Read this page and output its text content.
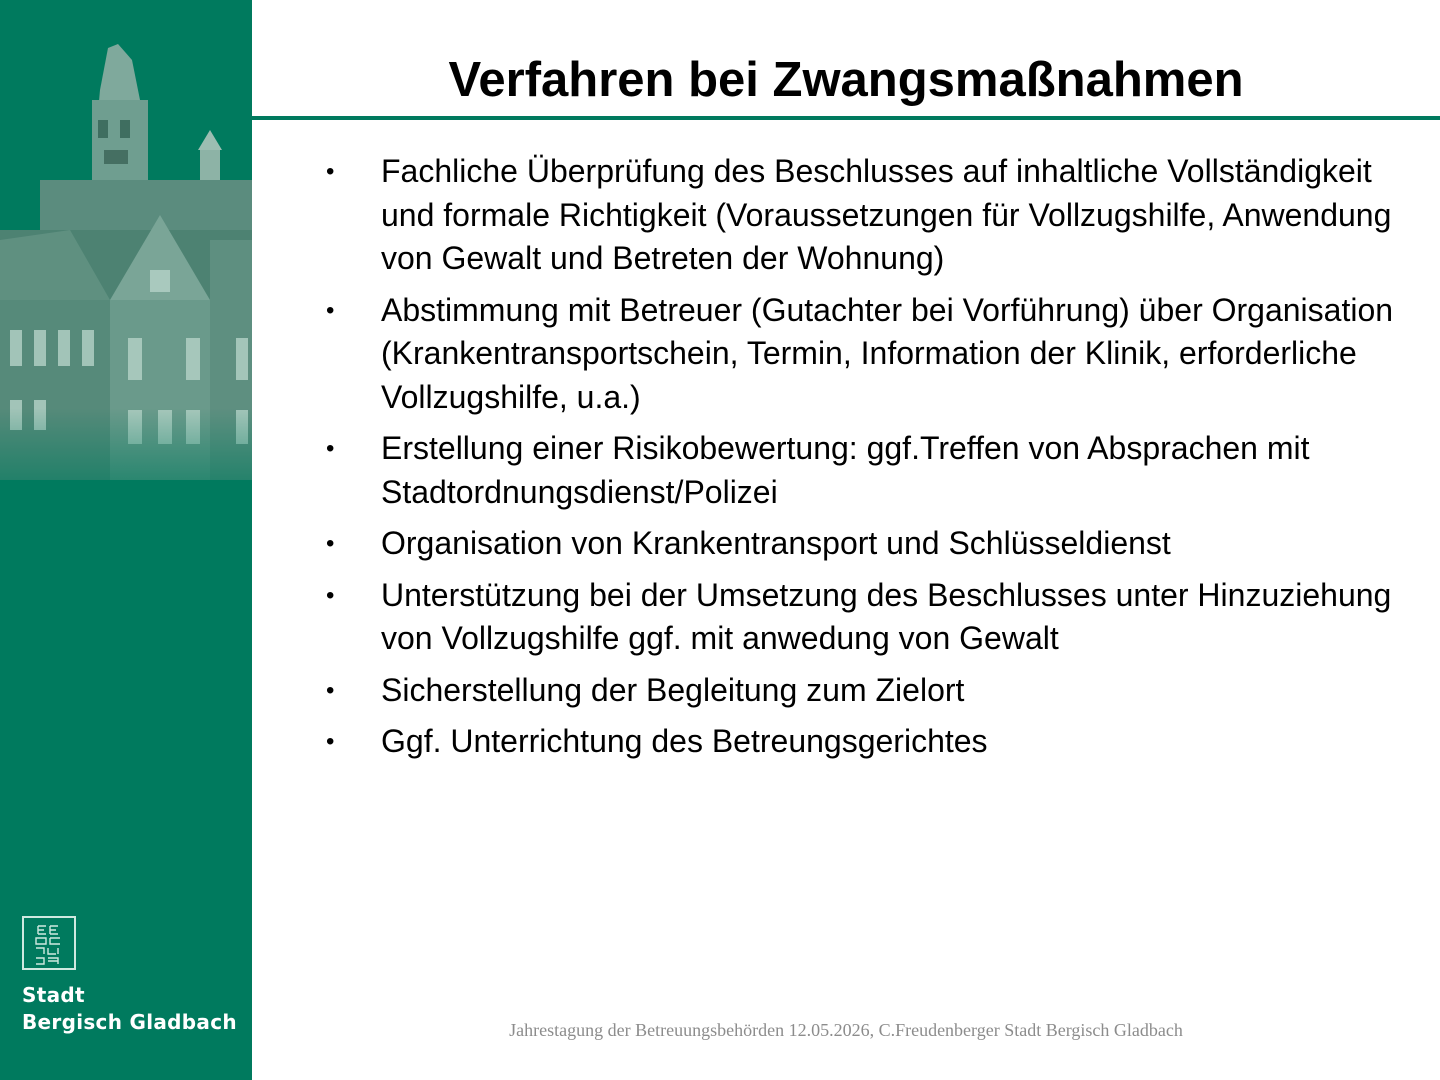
Stadt
Bergisch Gladbach
Verfahren bei Zwangsmaßnahmen
• Fachliche Überprüfung des Beschlusses auf inhaltliche Vollständigkeit und formale Richtigkeit (Voraussetzungen für Vollzugshilfe, Anwendung von Gewalt und Betreten der Wohnung)
• Abstimmung mit Betreuer (Gutachter bei Vorführung) über Organisation (Krankentransportschein, Termin, Information der Klinik, erforderliche Vollzugshilfe, u.a.)
• Erstellung einer Risikobewertung: ggf.Treffen von Absprachen mit Stadtordnungsdienst/Polizei
• Organisation von Krankentransport und Schlüsseldienst
• Unterstützung bei der Umsetzung des Beschlusses unter Hinzuziehung von Vollzugshilfe ggf. mit anwedung von Gewalt
• Sicherstellung der Begleitung zum Zielort
• Ggf. Unterrichtung des Betreungsgerichtes
Jahrestagung der Betreuungsbehörden 12.05.2026, C.Freudenberger Stadt Bergisch Gladbach
